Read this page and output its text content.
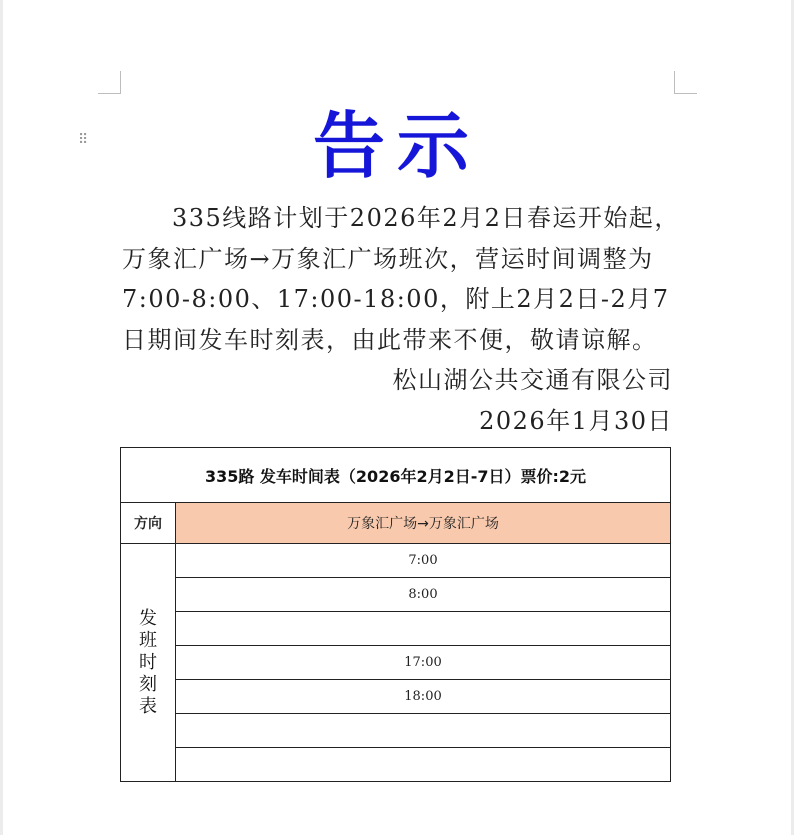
⠿	告示
335线路计划于2026年2月2日春运开始起，
万象汇广场→万象汇广场班次，营运时间调整为
7:00-8:00、17:00-18:00，附上2月2日-2月7
日期间发车时刻表，由此带来不便，敬请谅解。
松山湖公共交通有限公司
2026年1月30日
335路 发车时间表（2026年2月2日-7日）票价:2元	
方向	万象汇广场→万象汇广场

发
班
时
刻
表	7:00
	8:00

	17:00
	18:00
